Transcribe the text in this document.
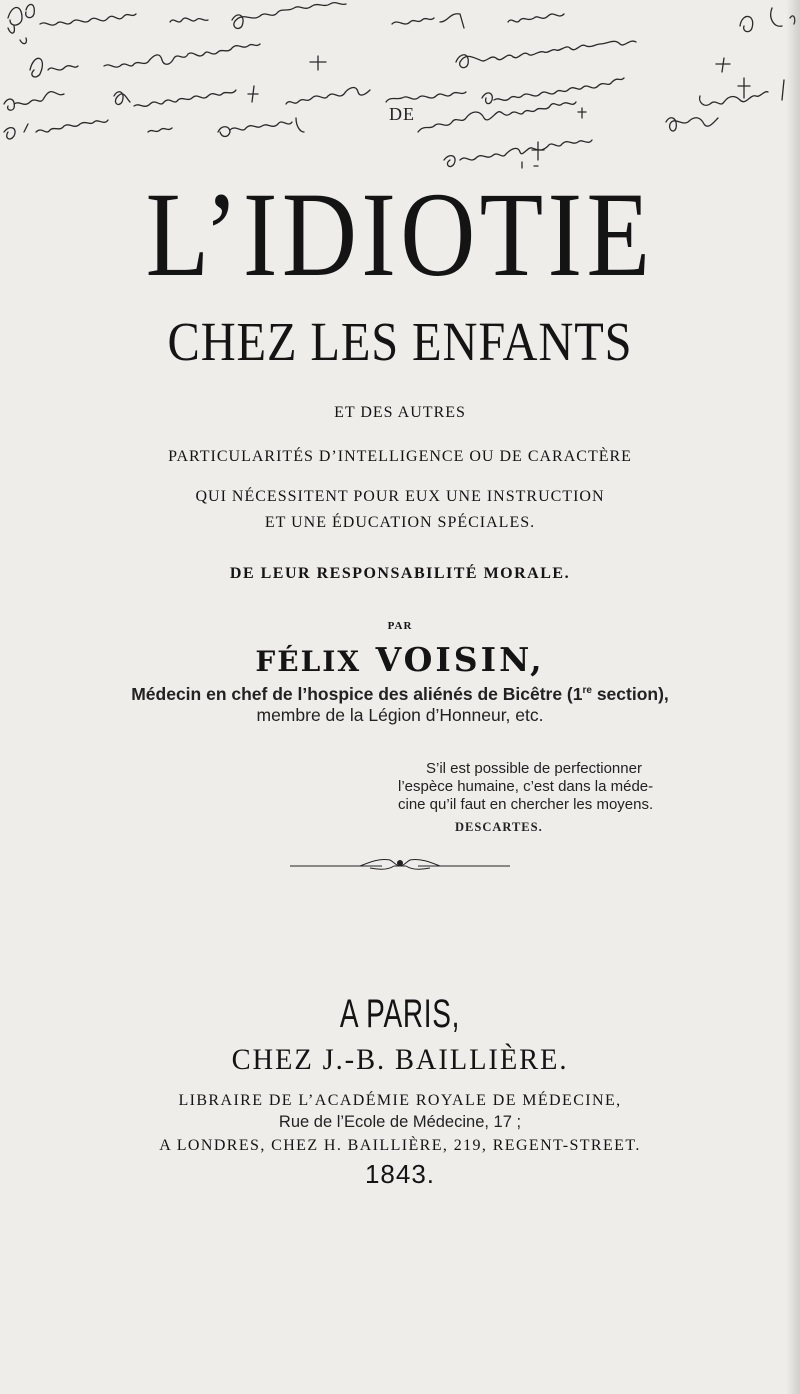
DE
L’IDIOTIE
CHEZ LES ENFANTS
ET DES AUTRES
PARTICULARITÉS D’INTELLIGENCE OU DE CARACTÈRE
QUI NÉCESSITENT POUR EUX UNE INSTRUCTION
ET UNE ÉDUCATION SPÉCIALES.
DE LEUR RESPONSABILITÉ MORALE.
PAR
FÉLIX VOISIN,
Médecin en chef de l’hospice des aliénés de Bicêtre (1re section),
membre de la Légion d’Honneur, etc.
S’il est possible de perfectionner
l’espèce humaine, c’est dans la méde-
cine qu’il faut en chercher les moyens.
DESCARTES.
A PARIS,
CHEZ J.-B. BAILLIÈRE.
LIBRAIRE DE L’ACADÉMIE ROYALE DE MÉDECINE,
Rue de l’Ecole de Médecine, 17 ;
A LONDRES, CHEZ H. BAILLIÈRE, 219, REGENT-STREET.
1843.
